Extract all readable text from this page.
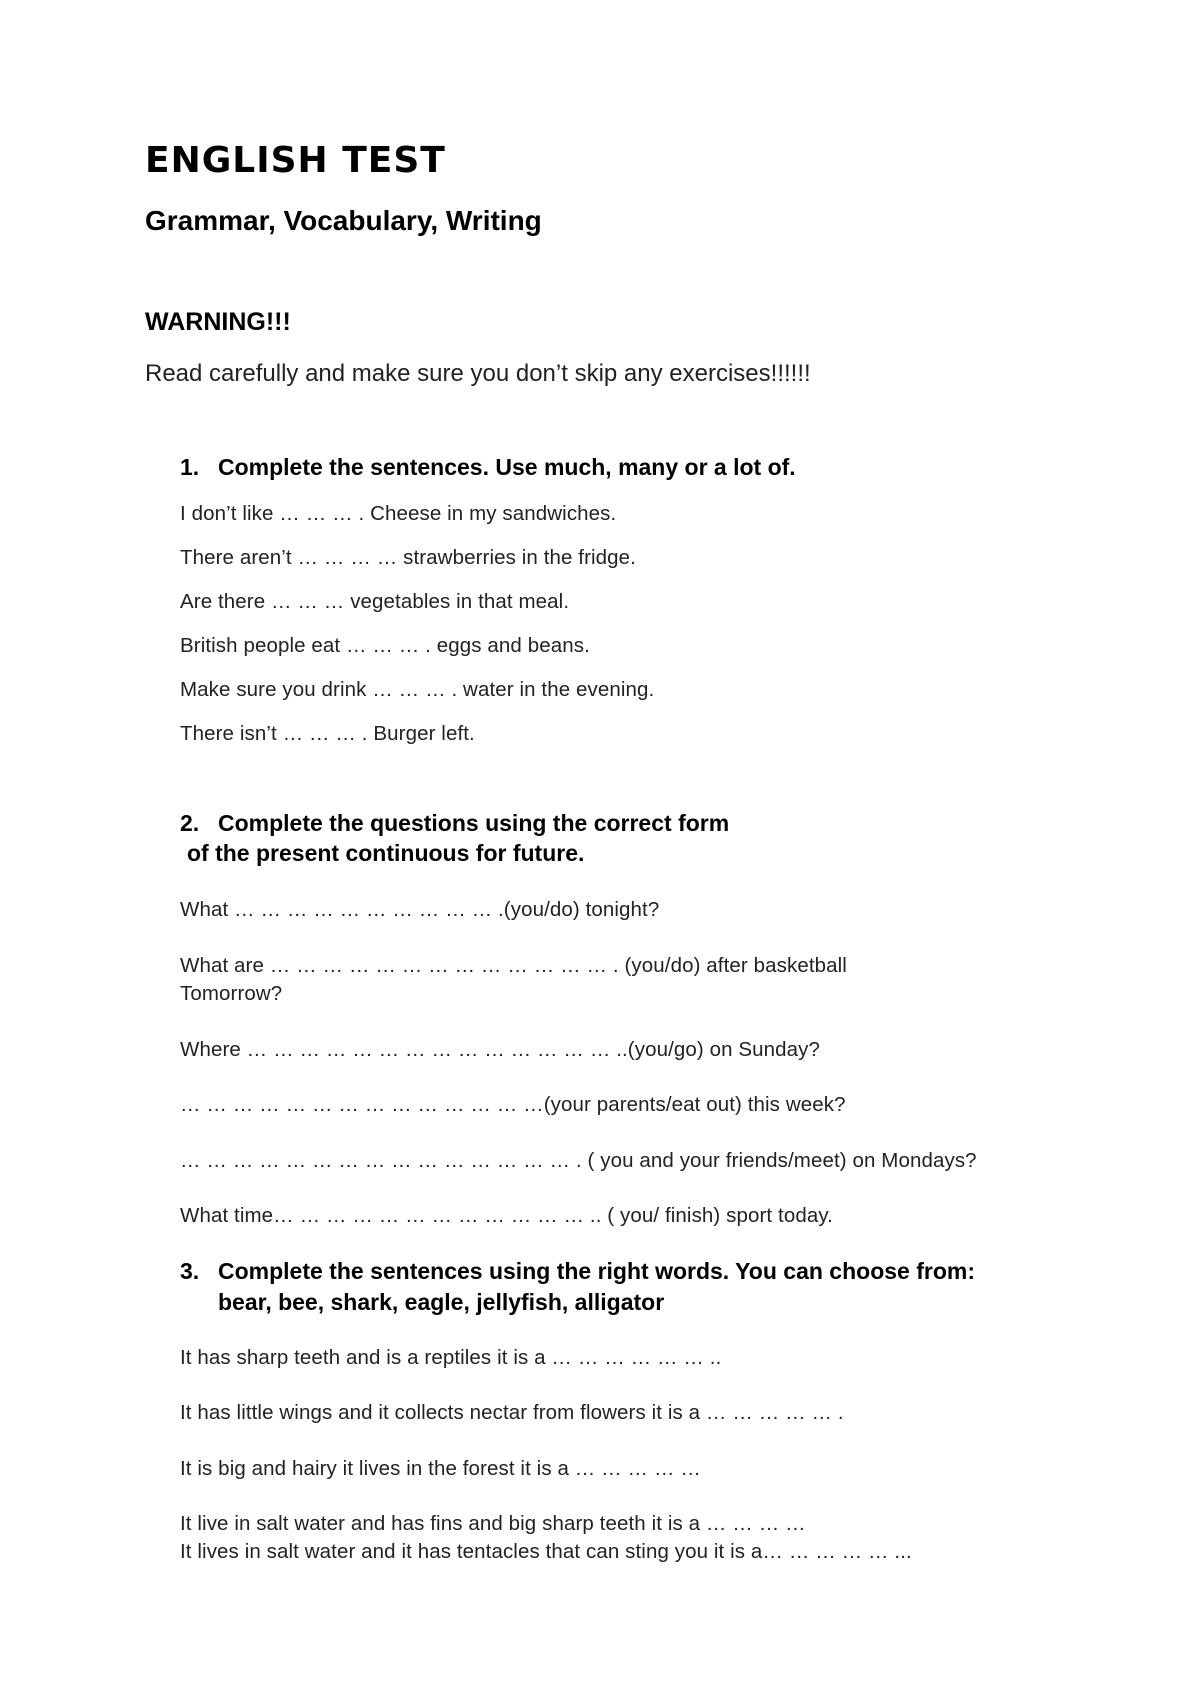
ENGLISH TEST
Grammar, Vocabulary, Writing
WARNING!!!
Read carefully and make sure you don’t skip any exercises!!!!!!
1. Complete the sentences. Use much, many or a lot of.
I don’t like … … … . Cheese in my sandwiches.
There aren’t … … … … strawberries in the fridge.
Are there … … … vegetables in that meal.
British people eat … … … . eggs and beans.
Make sure you drink … … … . water in the evening.
There isn’t … … … . Burger left.
2. Complete the questions using the correct form
of the present continuous for future.
What … … … … … … … … … … .(you/do) tonight?
What are … … … … … … … … … … … … … . (you/do) after basketball
Tomorrow?
Where … … … … … … … … … … … … … … ..(you/go) on Sunday?
… … … … … … … … … … … … … …(your parents/eat out) this week?
… … … … … … … … … … … … … … … . ( you and your friends/meet) on Mondays?
What time… … … … … … … … … … … … .. ( you/ finish) sport today.
3. Complete the sentences using the right words. You can choose from:
bear, bee, shark, eagle, jellyfish, alligator
It has sharp teeth and is a reptiles it is a … … … … … … ..
It has little wings and it collects nectar from flowers it is a … … … … … .
It is big and hairy it lives in the forest it is a … … … … …
It live in salt water and has fins and big sharp teeth it is a … … … …
It lives in salt water and it has tentacles that can sting you it is a… … … … … ...
